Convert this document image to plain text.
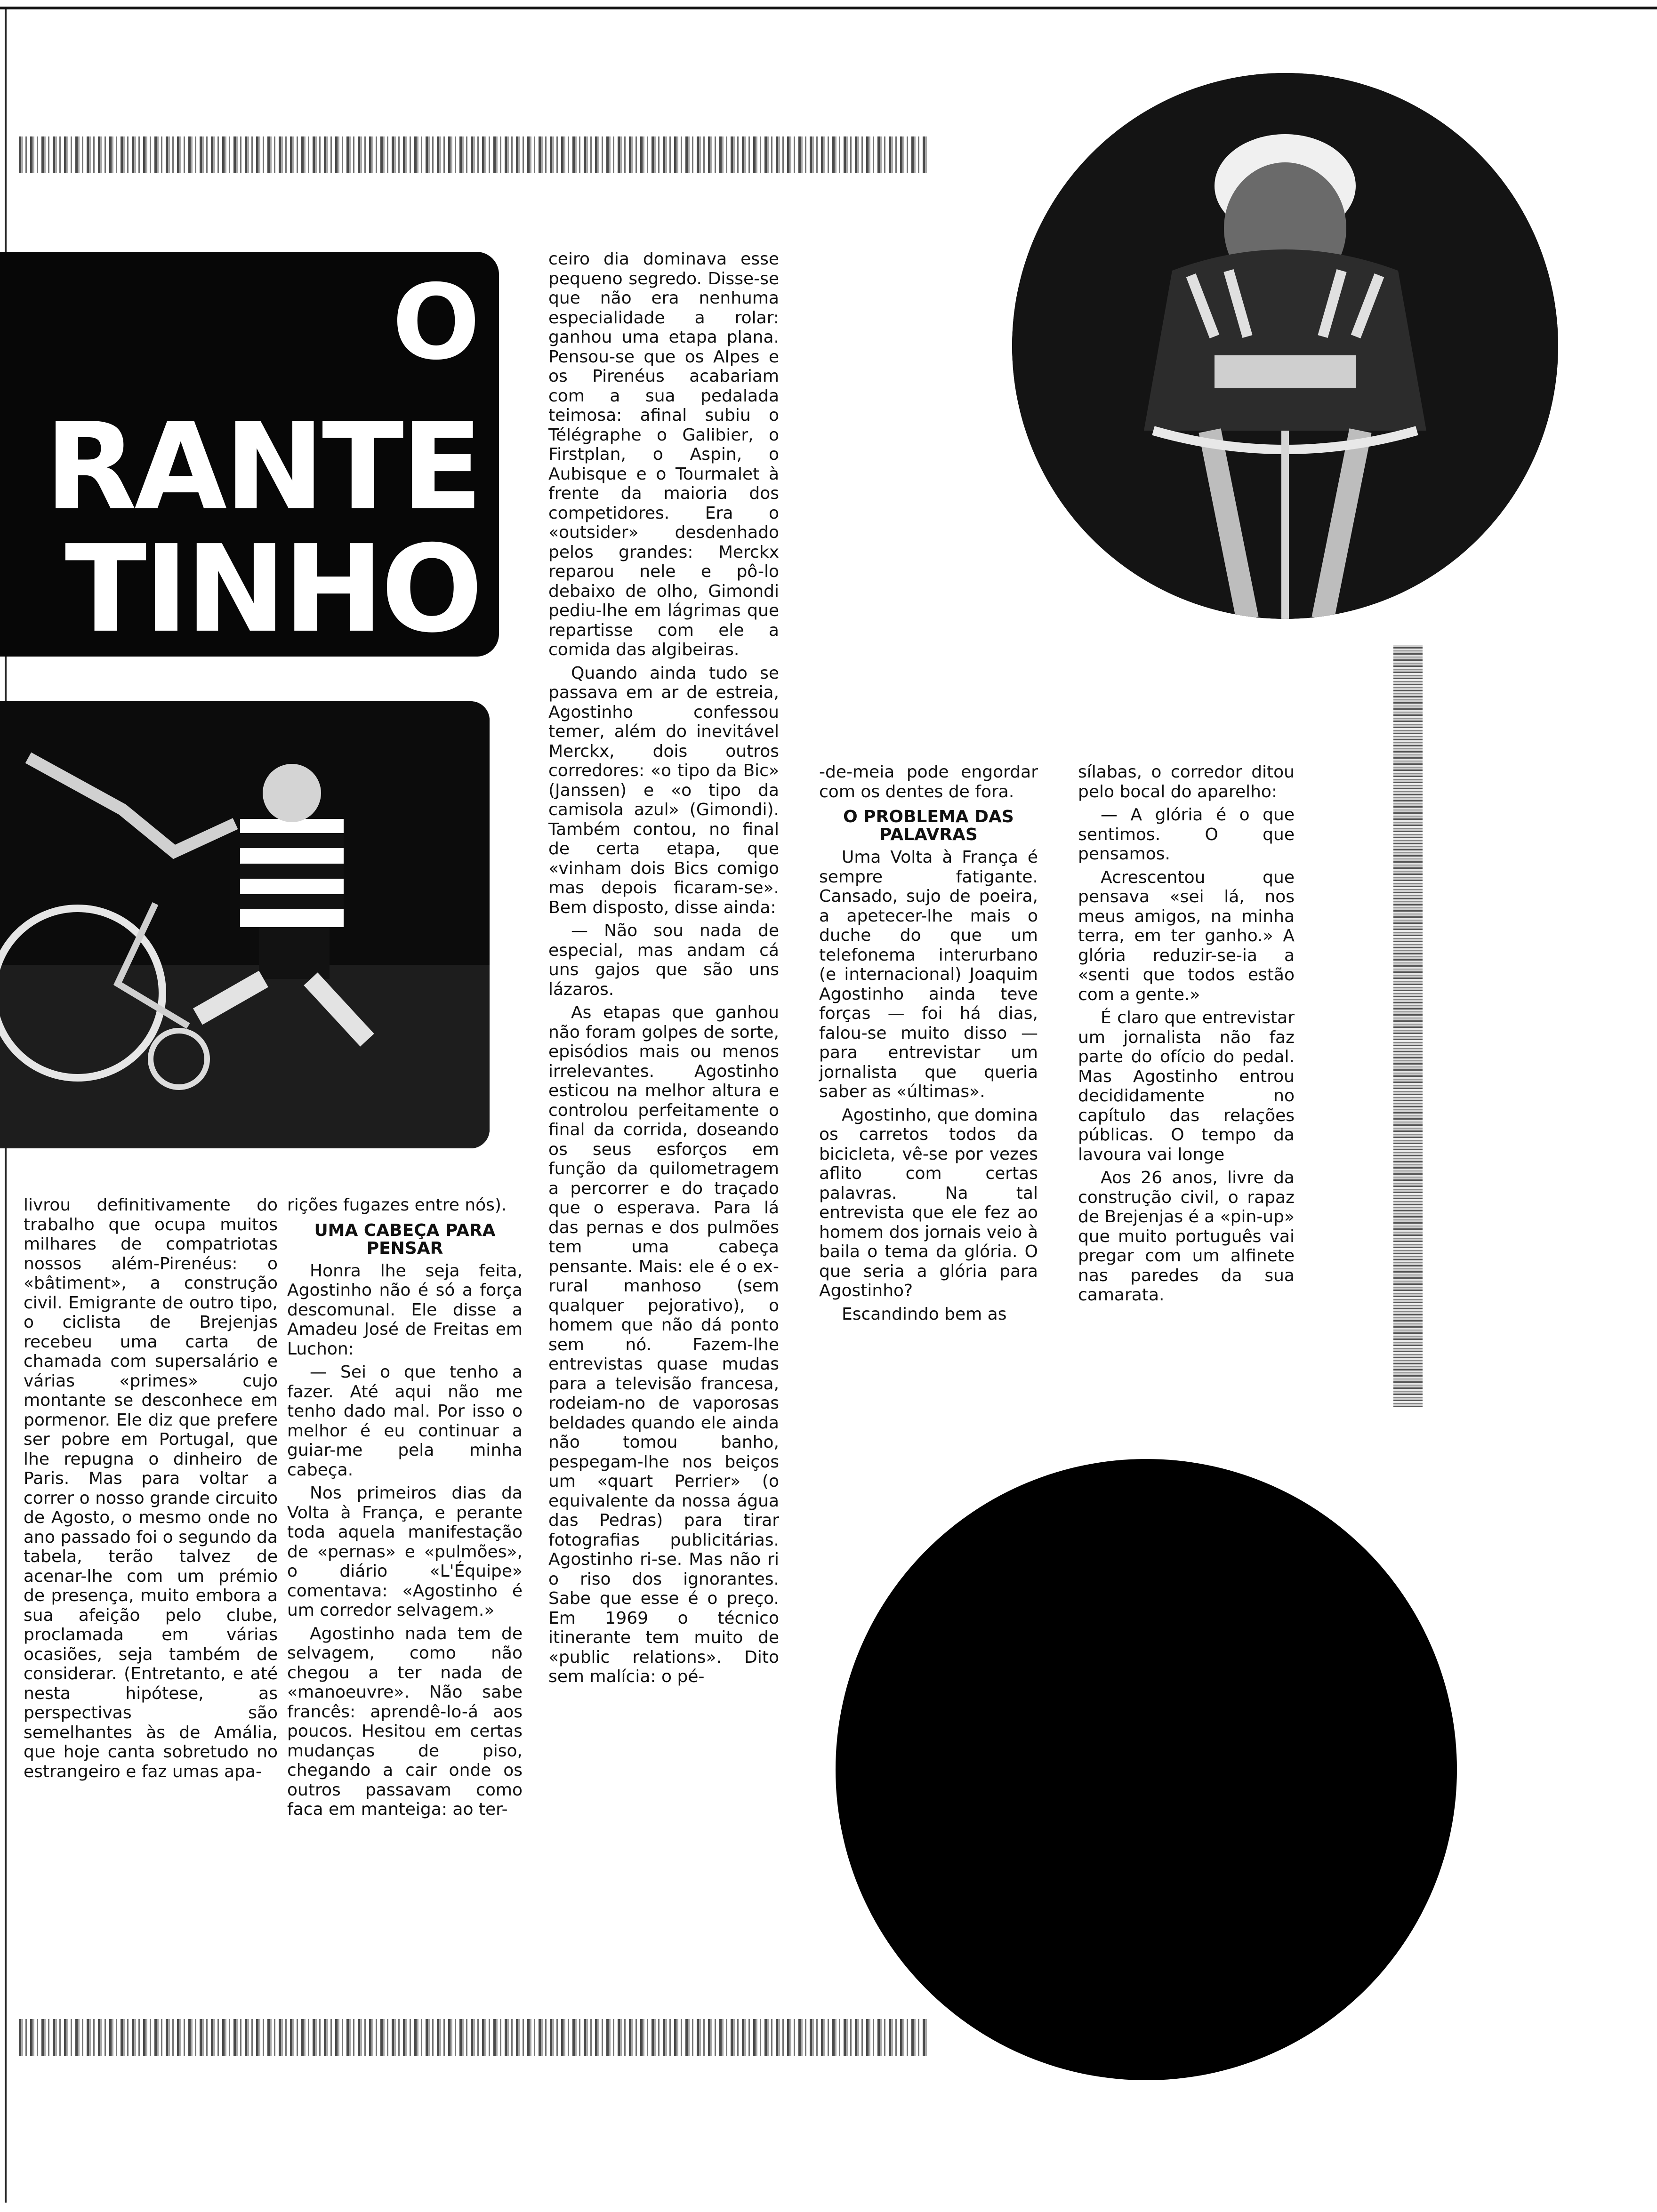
O
RANTE
TINHO

livrou definitivamente do trabalho que ocupa muitos milhares de compatriotas nossos além-Pirenéus: o «bâtiment», a construção civil. Emigrante de outro tipo, o ciclista de Brejenjas recebeu uma carta de chamada com supersalário e várias «primes» cujo montante se desconhece em pormenor. Ele diz que prefere ser pobre em Portugal, que lhe repugna o dinheiro de Paris. Mas para voltar a correr o nosso grande circuito de Agosto, o mesmo onde no ano passado foi o segundo da tabela, terão talvez de acenar-lhe com um prémio de presença, muito embora a sua afeição pelo clube, proclamada em várias ocasiões, seja também de considerar. (Entretanto, e até nesta hipótese, as perspectivas são semelhantes às de Amália, que hoje canta sobretudo no estrangeiro e faz umas apa-

rições fugazes entre nós).

UMA CABEÇA PARA PENSAR

Honra lhe seja feita, Agostinho não é só a força descomunal. Ele disse a Amadeu José de Freitas em Luchon:

— Sei o que tenho a fazer. Até aqui não me tenho dado mal. Por isso o melhor é eu continuar a guiar-me pela minha cabeça.

Nos primeiros dias da Volta à França, e perante toda aquela manifestação de «pernas» e «pulmões», o diário «L'Équipe» comentava: «Agostinho é um corredor selvagem.»

Agostinho nada tem de selvagem, como não chegou a ter nada de «manoeuvre». Não sabe francês: aprendê-lo-á aos poucos. Hesitou em certas mudanças de piso, chegando a cair onde os outros passavam como faca em manteiga: ao ter-

ceiro dia dominava esse pequeno segredo. Disse-se que não era nenhuma especialidade a rolar: ganhou uma etapa plana. Pensou-se que os Alpes e os Pirenéus acabariam com a sua pedalada teimosa: afinal subiu o Télégraphe o Galibier, o Firstplan, o Aspin, o Aubisque e o Tourmalet à frente da maioria dos competidores. Era o «outsider» desdenhado pelos grandes: Merckx reparou nele e pô-lo debaixo de olho, Gimondi pediu-lhe em lágrimas que repartisse com ele a comida das algibeiras.

Quando ainda tudo se passava em ar de estreia, Agostinho confessou temer, além do inevitável Merckx, dois outros corredores: «o tipo da Bic» (Janssen) e «o tipo da camisola azul» (Gimondi). Também contou, no final de certa etapa, que «vinham dois Bics comigo mas depois ficaram-se». Bem disposto, disse ainda:

— Não sou nada de especial, mas andam cá uns gajos que são uns lázaros.

As etapas que ganhou não foram golpes de sorte, episódios mais ou menos irrelevantes. Agostinho esticou na melhor altura e controlou perfeitamente o final da corrida, doseando os seus esforços em função da quilometragem a percorrer e do traçado que o esperava. Para lá das pernas e dos pulmões tem uma cabeça pensante. Mais: ele é o ex-rural manhoso (sem qualquer pejorativo), o homem que não dá ponto sem nó. Fazem-lhe entrevistas quase mudas para a televisão francesa, rodeiam-no de vaporosas beldades quando ele ainda não tomou banho, pespegam-lhe nos beiços um «quart Perrier» (o equivalente da nossa água das Pedras) para tirar fotografias publicitárias. Agostinho ri-se. Mas não ri o riso dos ignorantes. Sabe que esse é o preço. Em 1969 o técnico itinerante tem muito de «public relations». Dito sem malícia: o pé-

-de-meia pode engordar com os dentes de fora.

O PROBLEMA DAS PALAVRAS

Uma Volta à França é sempre fatigante. Cansado, sujo de poeira, a apetecer-lhe mais o duche do que um telefonema interurbano (e internacional) Joaquim Agostinho ainda teve forças — foi há dias, falou-se muito disso — para entrevistar um jornalista que queria saber as «últimas».

Agostinho, que domina os carretos todos da bicicleta, vê-se por vezes aflito com certas palavras. Na tal entrevista que ele fez ao homem dos jornais veio à baila o tema da glória. O que seria a glória para Agostinho?

Escandindo bem as

sílabas, o corredor ditou pelo bocal do aparelho:

— A glória é o que sentimos. O que pensamos.

Acrescentou que pensava «sei lá, nos meus amigos, na minha terra, em ter ganho.» A glória reduzir-se-ia a «senti que todos estão com a gente.»

É claro que entrevistar um jornalista não faz parte do ofício do pedal. Mas Agostinho entrou decididamente no capítulo das relações públicas. O tempo da lavoura vai longe

Aos 26 anos, livre da construção civil, o rapaz de Brejenjas é a «pin-up» que muito português vai pregar com um alfinete nas paredes da sua camarata.
